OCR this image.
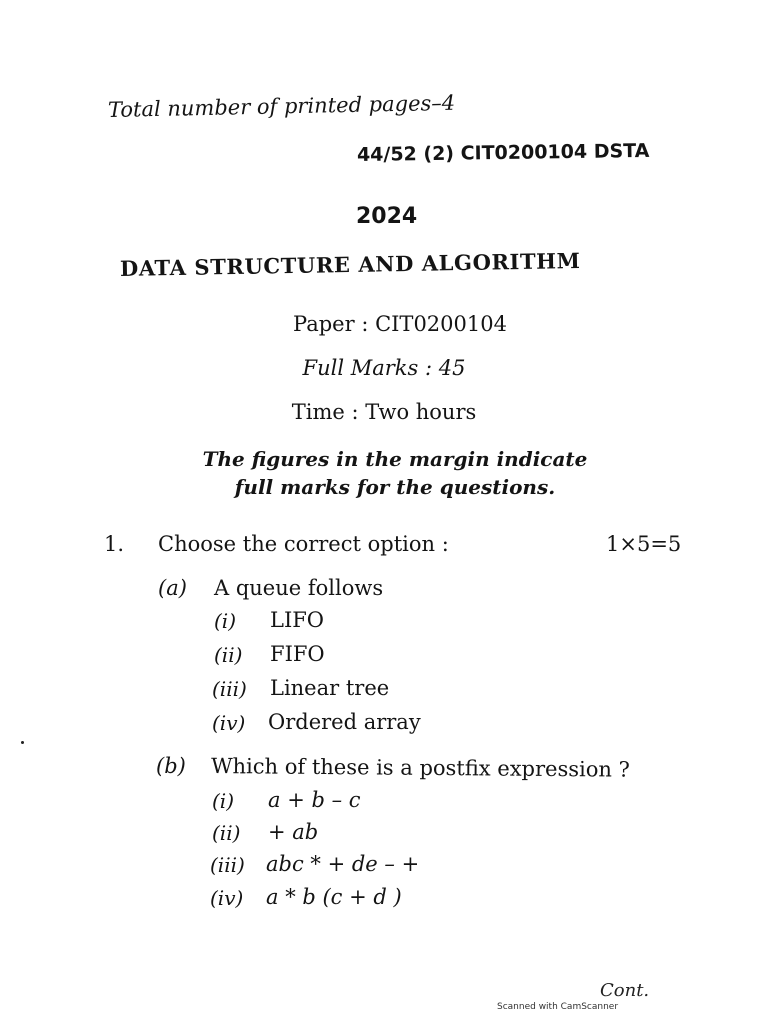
Total number of printed pages–4
44/52 (2) CIT0200104 DSTA
2024
DATA STRUCTURE AND ALGORITHM
Paper : CIT0200104
Full Marks : 45
Time : Two hours
The figures in the margin indicate
full marks for the questions.
1. Choose the correct option :	1×5=5
(a) A queue follows
(i) LIFO
(ii) FIFO
(iii) Linear tree
(iv) Ordered array
(b) Which of these is a postfix expression ?
(i) a + b – c
(ii) + ab
(iii) abc * + de – +
(iv) a * b (c + d )
Cont.
Scanned with CamScanner
